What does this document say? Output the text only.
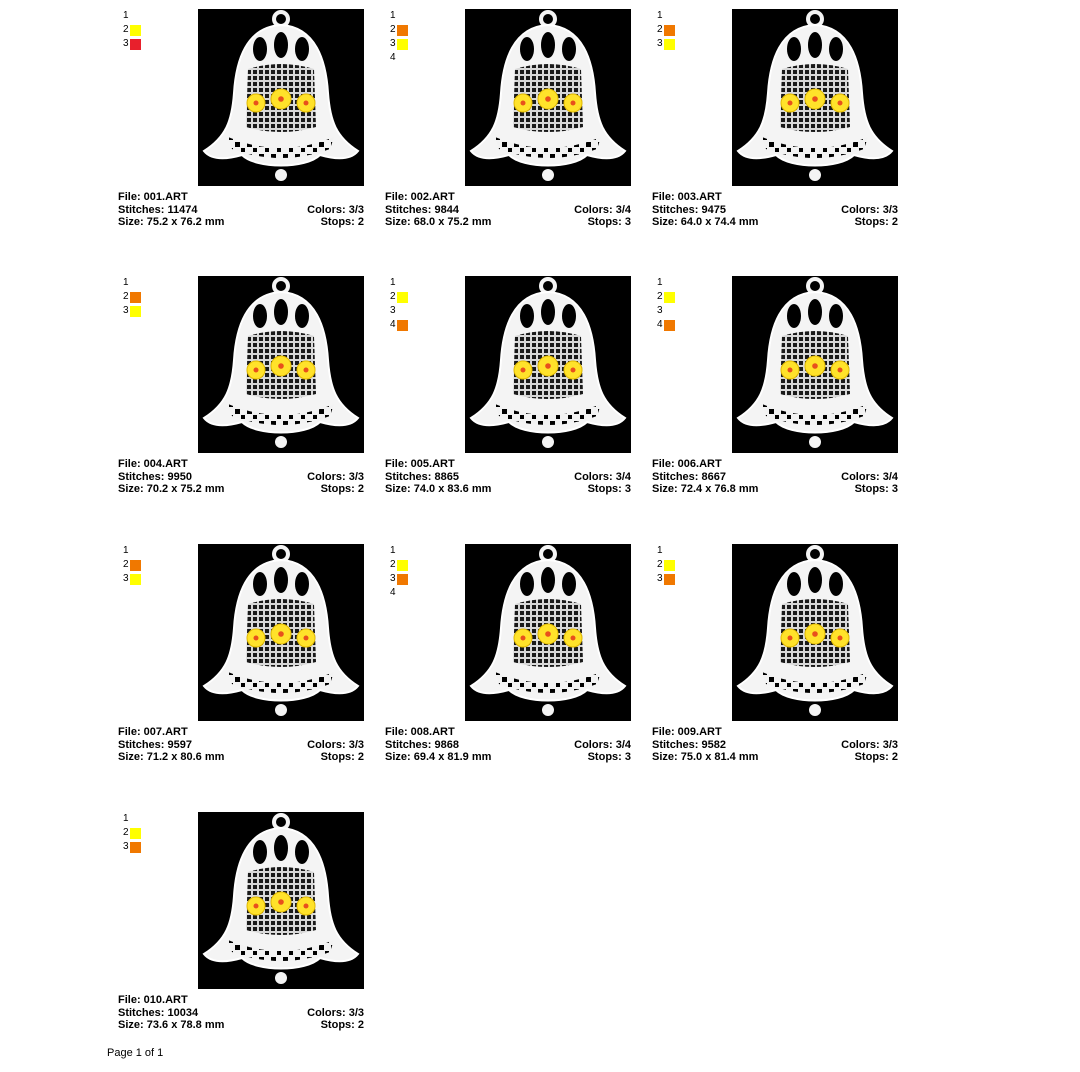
1
2
3
File: 001.ART
Stitches: 11474	Colors: 3/3
Size: 75.2 x 76.2 mm	Stops: 2
1
2
3
4
File: 002.ART
Stitches: 9844	Colors: 3/4
Size: 68.0 x 75.2 mm	Stops: 3
1
2
3
File: 003.ART
Stitches: 9475	Colors: 3/3
Size: 64.0 x 74.4 mm	Stops: 2
1
2
3
File: 004.ART
Stitches: 9950	Colors: 3/3
Size: 70.2 x 75.2 mm	Stops: 2
1
2
3
4
File: 005.ART
Stitches: 8865	Colors: 3/4
Size: 74.0 x 83.6 mm	Stops: 3
1
2
3
4
File: 006.ART
Stitches: 8667	Colors: 3/4
Size: 72.4 x 76.8 mm	Stops: 3
1
2
3
File: 007.ART
Stitches: 9597	Colors: 3/3
Size: 71.2 x 80.6 mm	Stops: 2
1
2
3
4
File: 008.ART
Stitches: 9868	Colors: 3/4
Size: 69.4 x 81.9 mm	Stops: 3
1
2
3
File: 009.ART
Stitches: 9582	Colors: 3/3
Size: 75.0 x 81.4 mm	Stops: 2
1
2
3
File: 010.ART
Stitches: 10034	Colors: 3/3
Size: 73.6 x 78.8 mm	Stops: 2
Page 1 of 1
